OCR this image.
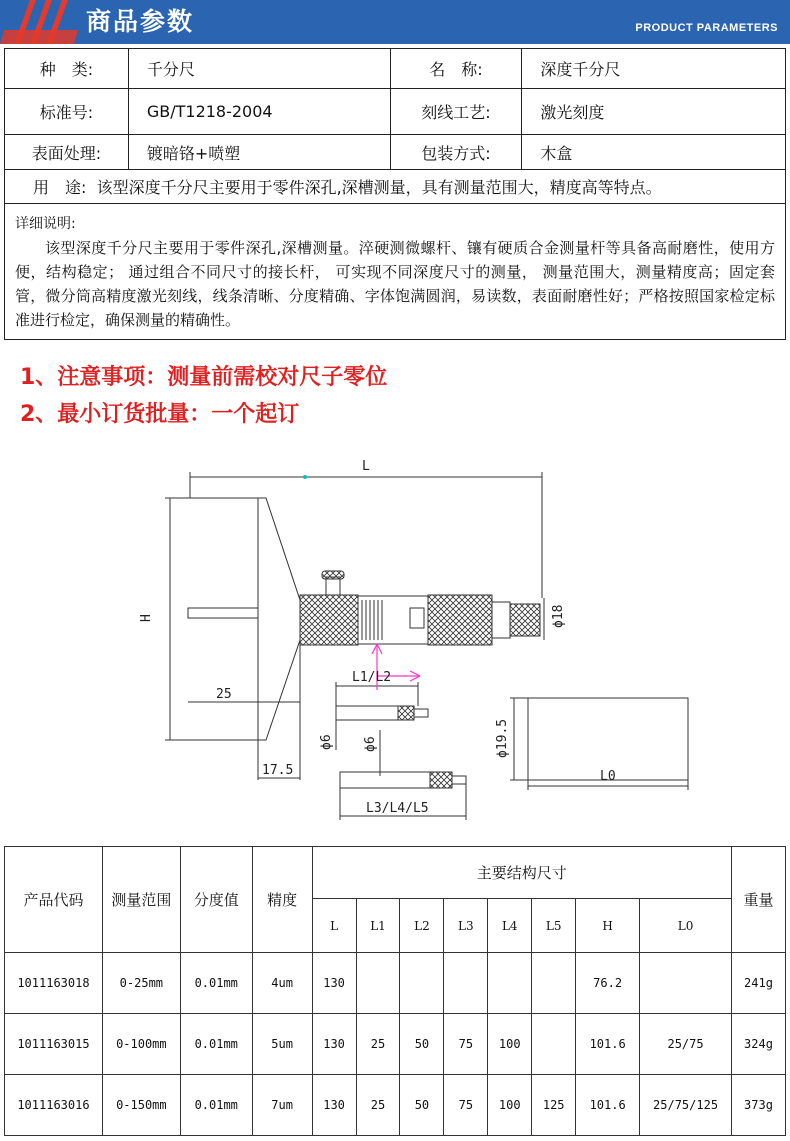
商品参数	PRODUCT PARAMETERS
种　类:	千分尺	名　称:	深度千分尺
标准号:	GB/T1218-2004	刻线工艺:	激光刻度
表面处理:	镀暗铬+喷塑	包装方式:	木盒
用　途: 该型深度千分尺主要用于零件深孔,深槽测量，具有测量范围大，精度高等特点。			

详细说明:
该型深度千分尺主要用于零件深孔,深槽测量。淬硬测微螺杆、镶有硬质合金测量杆等具备高耐磨性，使用方便，结构稳定； 通过组合不同尺寸的接长杆， 可实现不同深度尺寸的测量， 测量范围大，测量精度高；固定套管，微分筒高精度激光刻线，线条清晰、分度精确、字体饱满圆润，易读数，表面耐磨性好；严格按照国家检定标准进行检定，确保测量的精确性。			
1、注意事项：测量前需校对尺子零位
2、最小订货批量：一个起订
L
H
25
17.5
ϕ18
L1/L2
ϕ6 ϕ6	ϕ19.5
L0
L3/L4/L5
产品代码	测量范围	分度值	精度	主要结构尺寸								重量
				L	L1	L2	L3	L4	L5	H	L0	
1011163018	0-25mm	0.01mm	4um	130						76.2		241g
1011163015	0-100mm	0.01mm	5um	130	25	50	75	100		101.6	25/75	324g
1011163016	0-150mm	0.01mm	7um	130	25	50	75	100	125	101.6	25/75/125	373g
